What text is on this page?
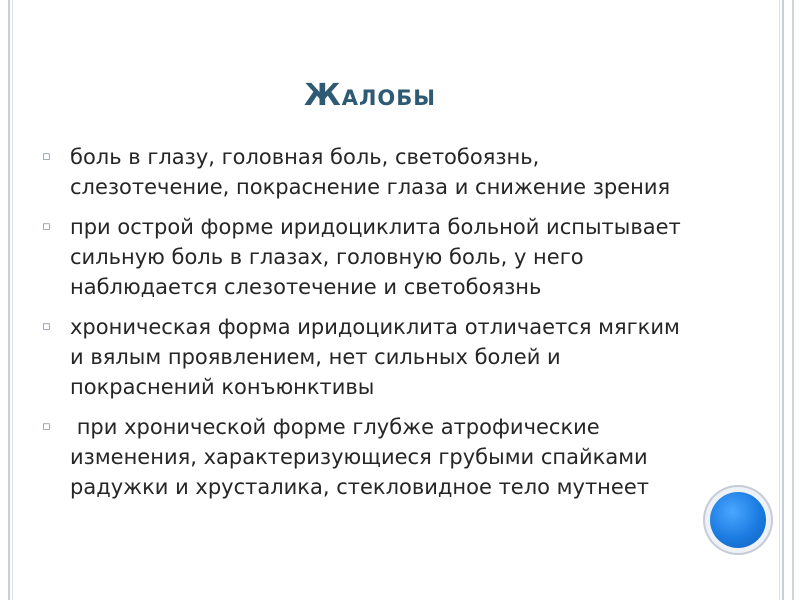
Жалобы
▫ боль в глазу, головная боль, светобоязнь, слезотечение, покраснение глаза и снижение зрения
▫ при острой форме иридоциклита больной испытывает сильную боль в глазах, головную боль, у него наблюдается слезотечение и светобоязнь
▫ хроническая форма иридоциклита отличается мягким и вялым проявлением, нет сильных болей и покраснений конъюнктивы
▫ при хронической форме глубже атрофические изменения, характеризующиеся грубыми спайками радужки и хрусталика, стекловидное тело мутнеет
